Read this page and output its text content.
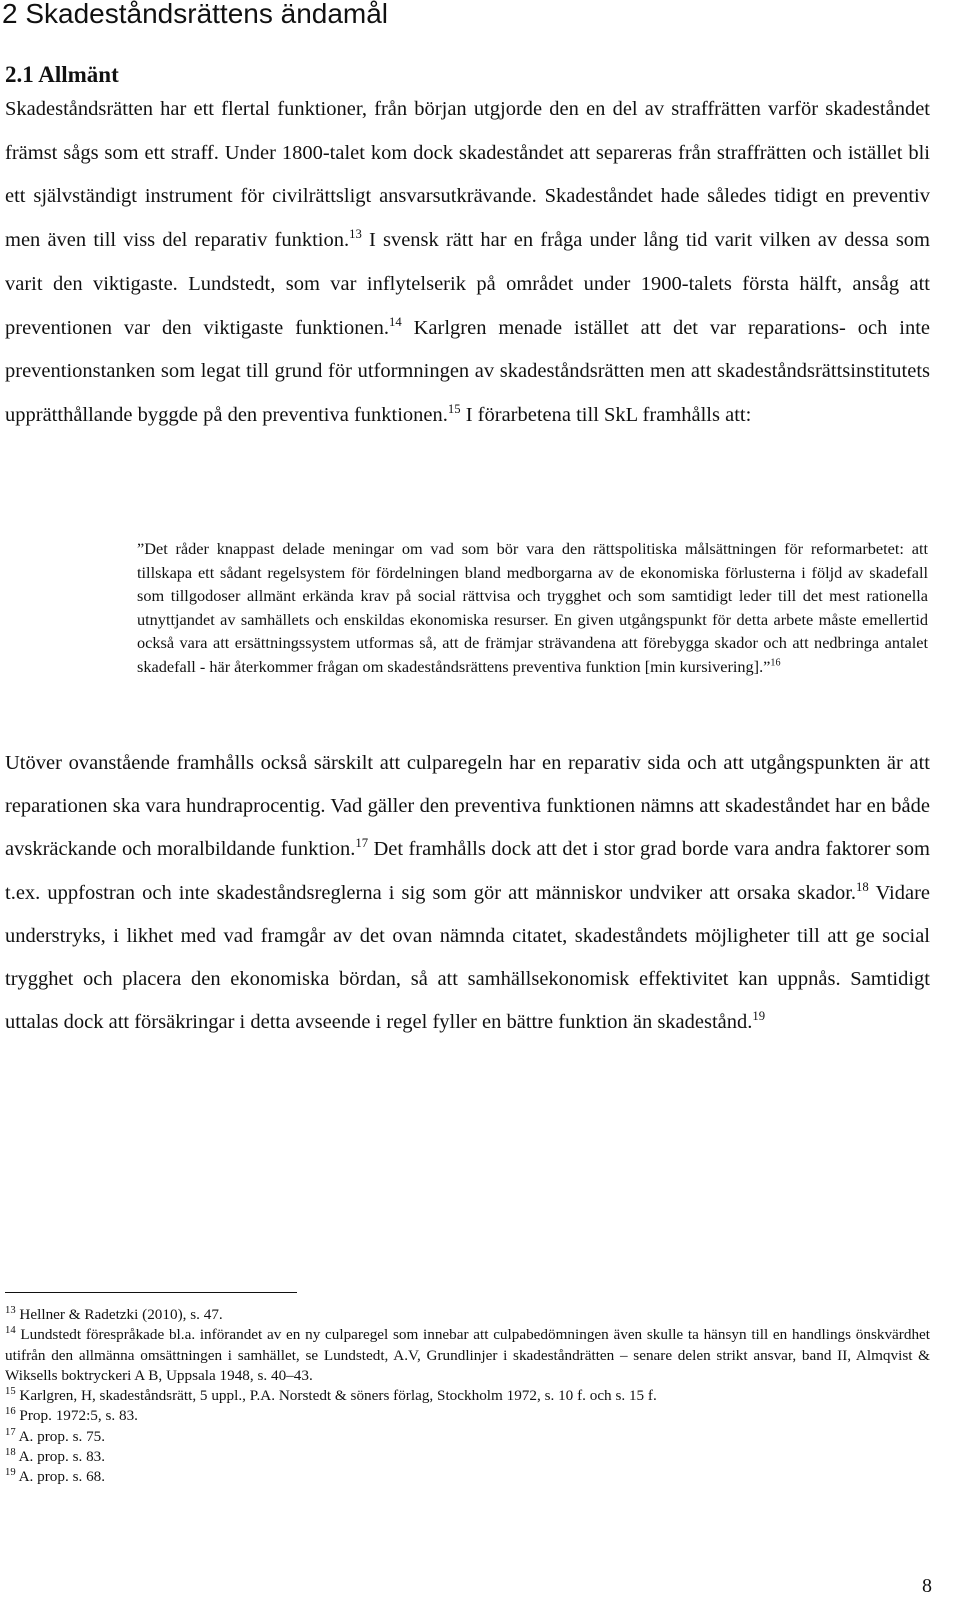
2 Skadeståndsrättens ändamål
2.1 Allmänt

Skadeståndsrätten har ett flertal funktioner, från början utgjorde den en del av straffrätten varför skadeståndet främst sågs som ett straff. Under 1800-talet kom dock skadeståndet att separeras från straffrätten och istället bli ett självständigt instrument för civilrättsligt ansvarsutkrävande. Skadeståndet hade således tidigt en preventiv men även till viss del reparativ funktion.$^{13}$ I svensk rätt har en fråga under lång tid varit vilken av dessa som varit den viktigaste. Lundstedt, som var inflytelserik på området under 1900-talets första hälft, ansåg att preventionen var den viktigaste funktionen.$^{14}$ Karlgren menade istället att det var reparations- och inte preventionstanken som legat till grund för utformningen av skadeståndsrätten men att skadeståndsrättsinstitutets upprätthållande byggde på den preventiva funktionen.$^{15}$ I förarbetena till SkL framhålls att:

”Det råder knappast delade meningar om vad som bör vara den rättspolitiska målsättningen för reformarbetet: att tillskapa ett sådant regelsystem för fördelningen bland medborgarna av de ekonomiska förlusterna i följd av skadefall som tillgodoser allmänt erkända krav på social rättvisa och trygghet och som samtidigt leder till det mest rationella utnyttjandet av samhällets och enskildas ekonomiska resurser. En given utgångspunkt för detta arbete måste emellertid också vara att ersättningssystem utformas så, att de främjar strävandena att förebygga skador och att nedbringa antalet skadefall - här återkommer frågan om skadeståndsrättens preventiva funktion [min kursivering].”$^{16}$

Utöver ovanstående framhålls också särskilt att culparegeln har en reparativ sida och att utgångspunkten är att reparationen ska vara hundraprocentig. Vad gäller den preventiva funktionen nämns att skadeståndet har en både avskräckande och moralbildande funktion.$^{17}$ Det framhålls dock att det i stor grad borde vara andra faktorer som t.ex. uppfostran och inte skadeståndsreglerna i sig som gör att människor undviker att orsaka skador.$^{18}$ Vidare understryks, i likhet med vad framgår av det ovan nämnda citatet, skadeståndets möjligheter till att ge social trygghet och placera den ekonomiska bördan, så att samhällsekonomisk effektivitet kan uppnås. Samtidigt uttalas dock att försäkringar i detta avseende i regel fyller en bättre funktion än skadestånd.$^{19}$

$^{13}$ Hellner & Radetzki (2010), s. 47.

$^{14}$ Lundstedt förespråkade bl.a. införandet av en ny culparegel som innebar att culpabedömningen även skulle ta hänsyn till en handlings önskvärdhet utifrån den allmänna omsättningen i samhället, se Lundstedt, A.V, Grundlinjer i skadeståndrätten – senare delen strikt ansvar, band II, Almqvist & Wiksells boktryckeri A B, Uppsala 1948, s. 40–43.

$^{15}$ Karlgren, H, skadeståndsrätt, 5 uppl., P.A. Norstedt & söners förlag, Stockholm 1972, s. 10 f. och s. 15 f.

$^{16}$ Prop. 1972:5, s. 83.

$^{17}$ A. prop. s. 75.

$^{18}$ A. prop. s. 83.

$^{19}$ A. prop. s. 68.

8
